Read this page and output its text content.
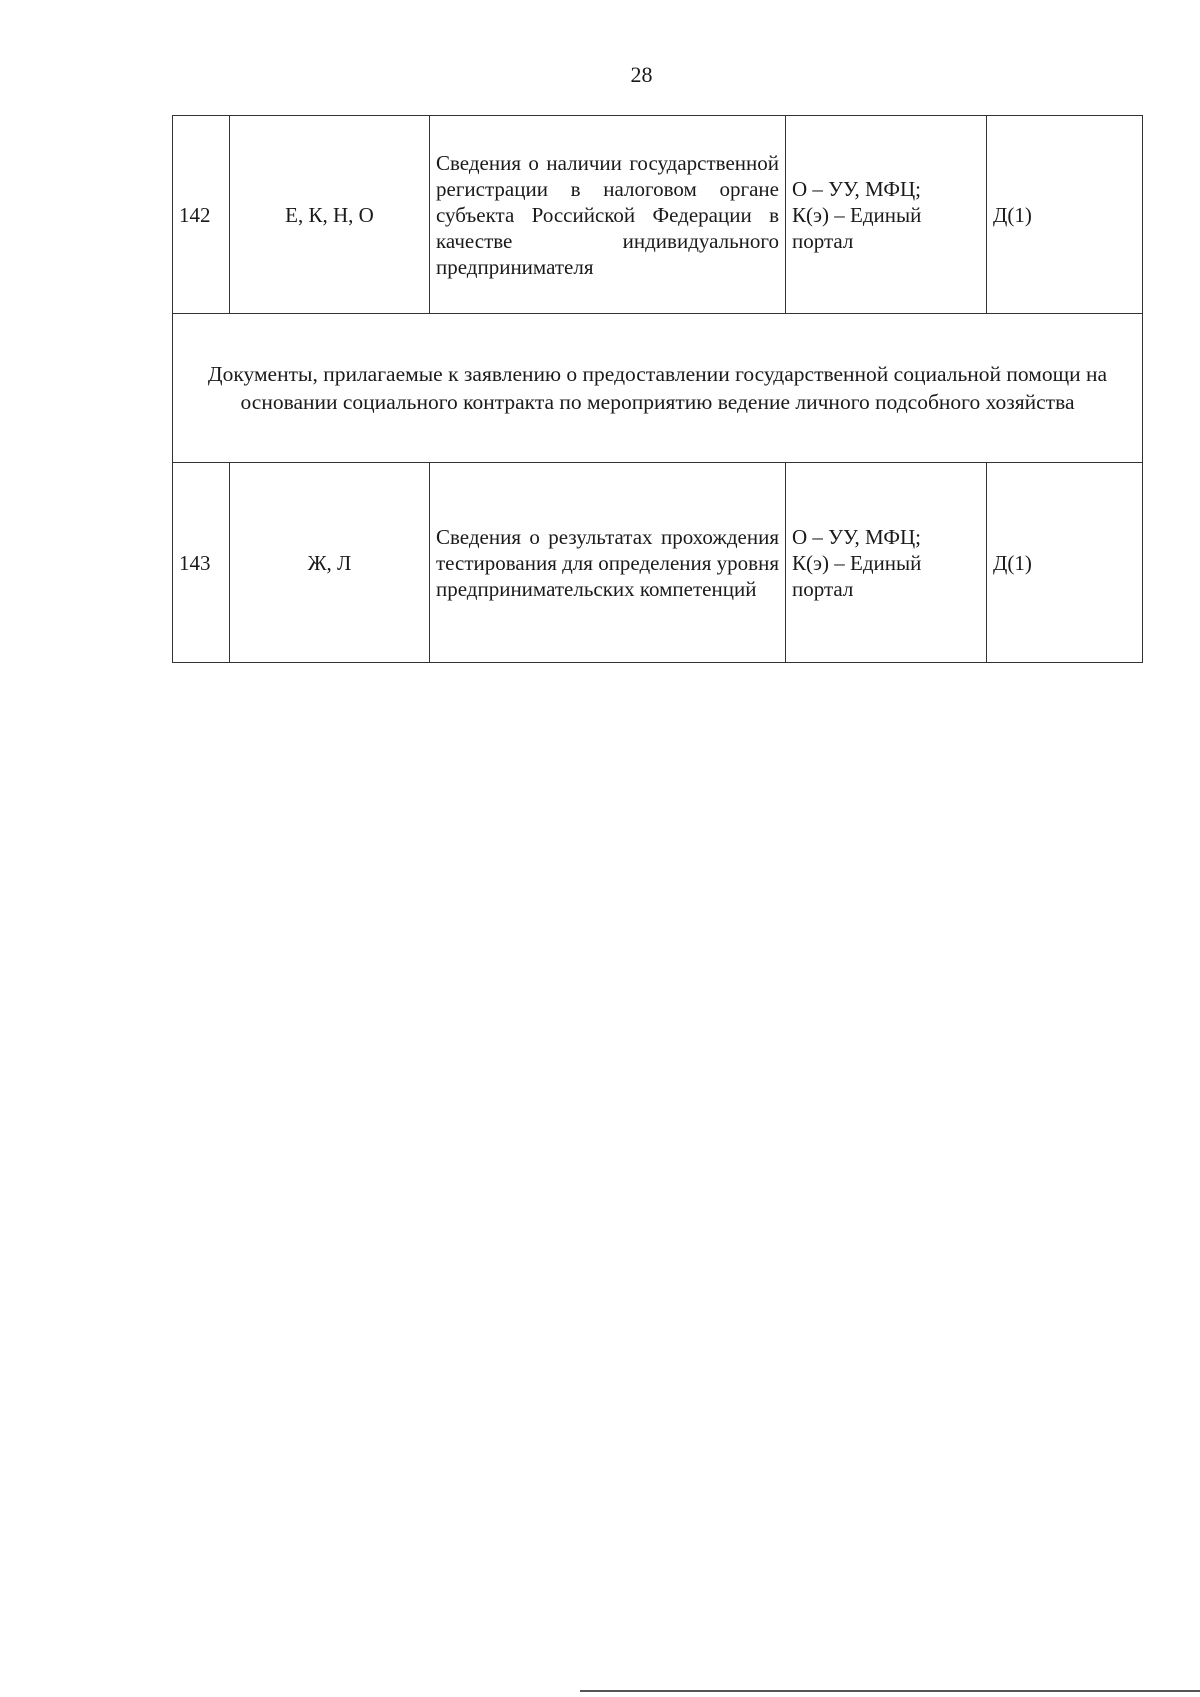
28
142	Е, К, Н, О	Сведения о наличии государственной регистрации в налоговом органе субъекта Российской Федерации в качестве индивидуального предпринимателя	О – УУ, МФЦ;
К(э) – Единый портал	Д(1)
Документы, прилагаемые к заявлению о предоставлении государственной социальной помощи на основании социального контракта по мероприятию ведение личного подсобного хозяйства				
143	Ж, Л	Сведения о результатах прохождения тестирования для определения уровня предпринимательских компетенций	О – УУ, МФЦ;
К(э) – Единый портал	Д(1)
